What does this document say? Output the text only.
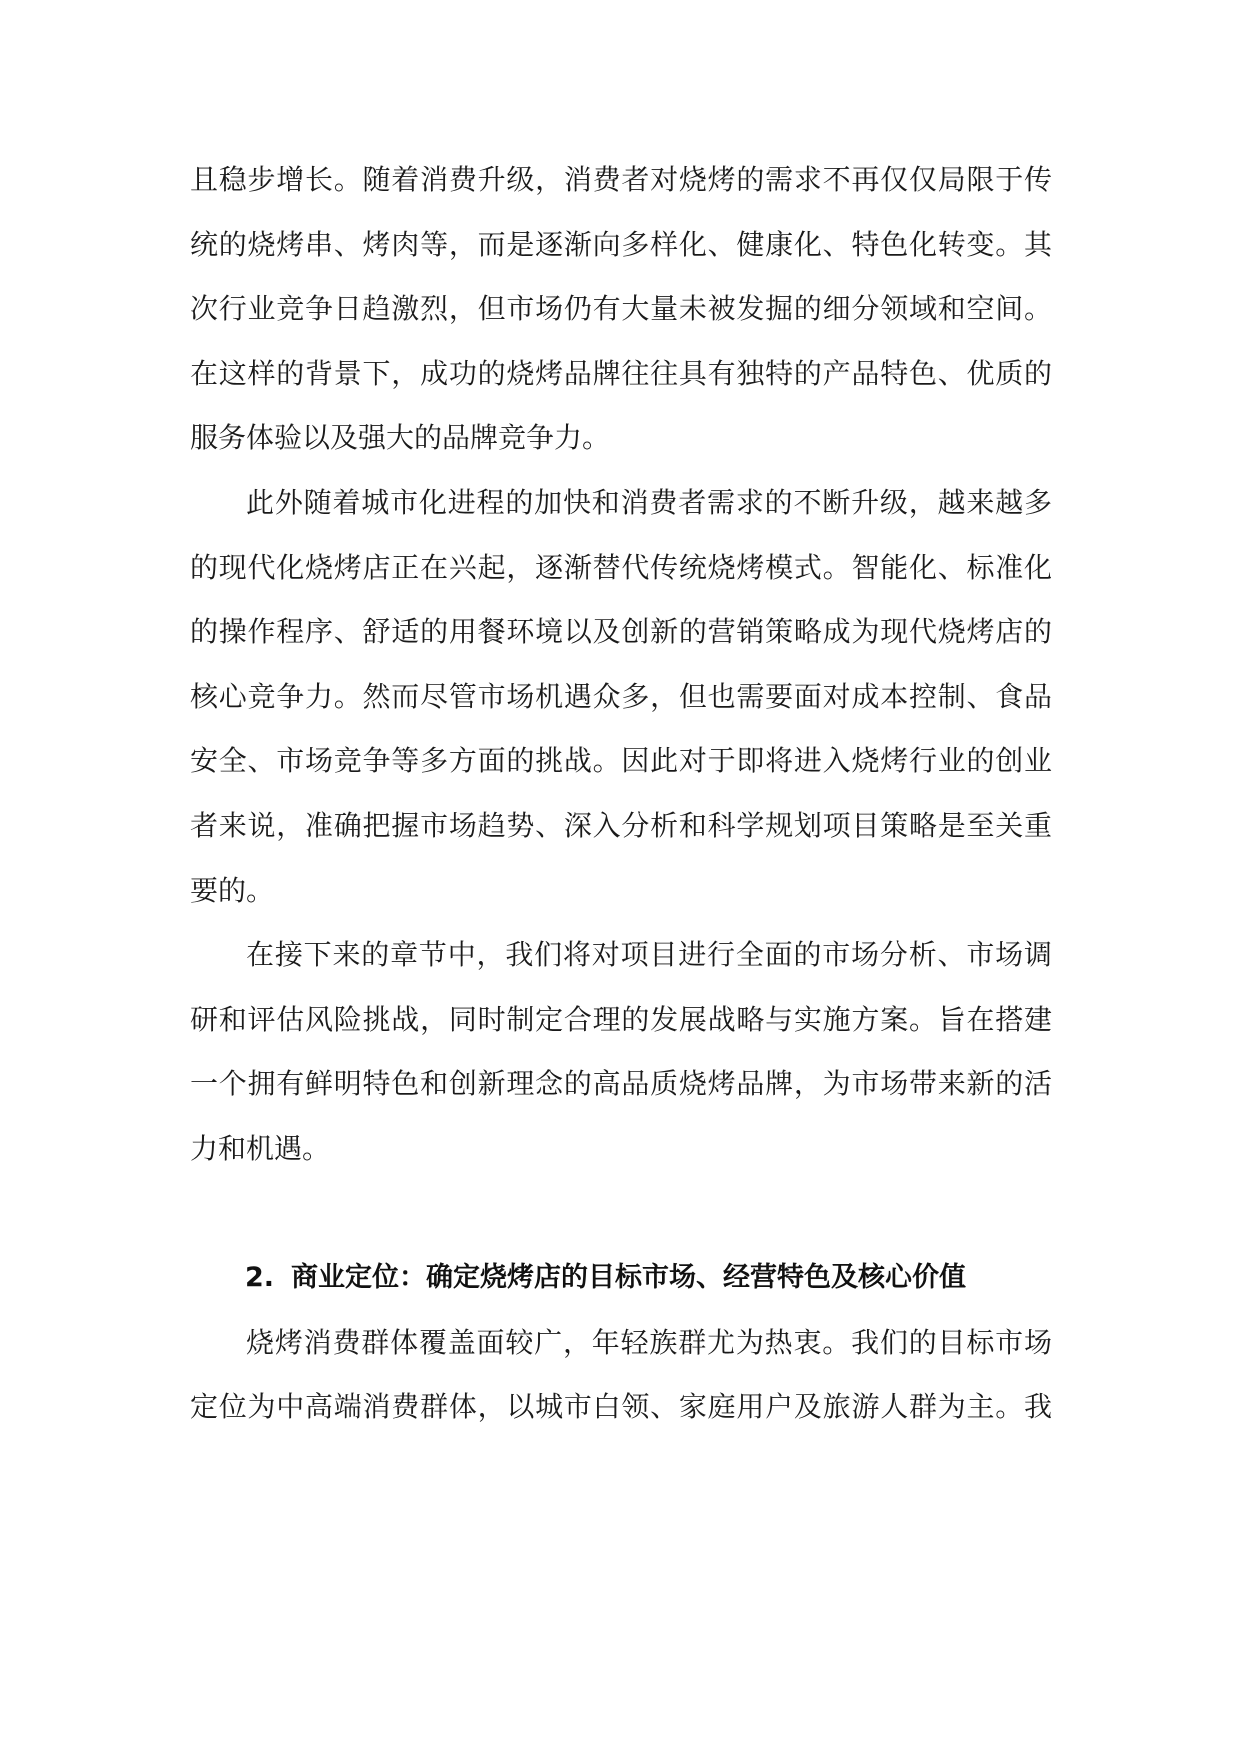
且稳步增长。随着消费升级，消费者对烧烤的需求不再仅仅局限于传
统的烧烤串、烤肉等，而是逐渐向多样化、健康化、特色化转变。其
次行业竞争日趋激烈，但市场仍有大量未被发掘的细分领域和空间。
在这样的背景下，成功的烧烤品牌往往具有独特的产品特色、优质的
服务体验以及强大的品牌竞争力。
此外随着城市化进程的加快和消费者需求的不断升级，越来越多
的现代化烧烤店正在兴起，逐渐替代传统烧烤模式。智能化、标准化
的操作程序、舒适的用餐环境以及创新的营销策略成为现代烧烤店的
核心竞争力。然而尽管市场机遇众多，但也需要面对成本控制、食品
安全、市场竞争等多方面的挑战。因此对于即将进入烧烤行业的创业
者来说，准确把握市场趋势、深入分析和科学规划项目策略是至关重
要的。
在接下来的章节中，我们将对项目进行全面的市场分析、市场调
研和评估风险挑战，同时制定合理的发展战略与实施方案。旨在搭建
一个拥有鲜明特色和创新理念的高品质烧烤品牌，为市场带来新的活
力和机遇。
2. 商业定位：确定烧烤店的目标市场、经营特色及核心价值
烧烤消费群体覆盖面较广，年轻族群尤为热衷。我们的目标市场
定位为中高端消费群体，以城市白领、家庭用户及旅游人群为主。我
